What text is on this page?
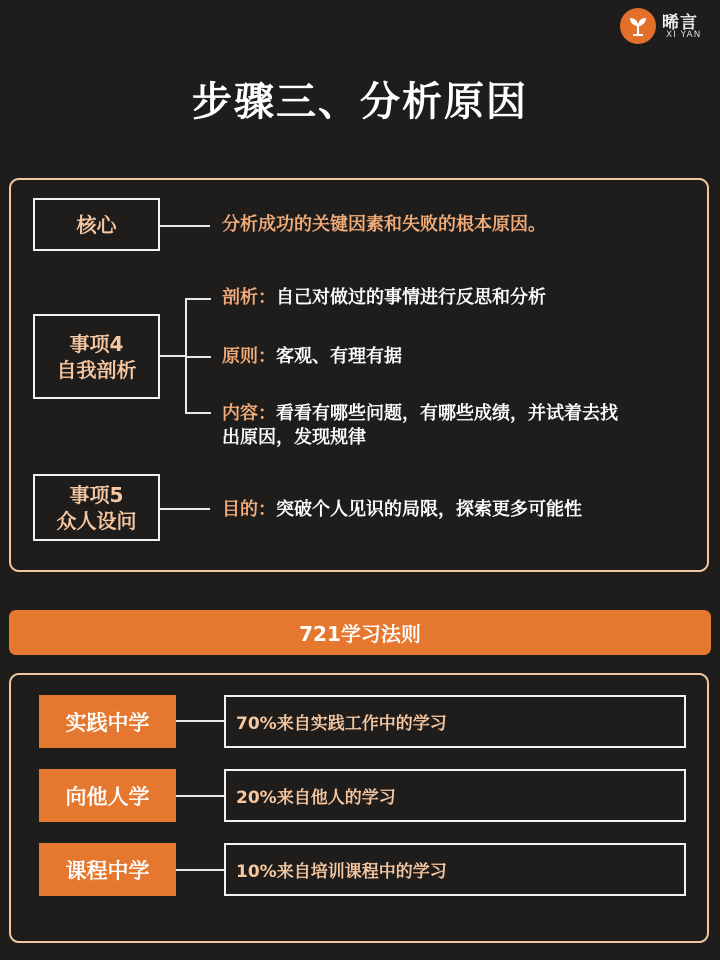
晞言
XI YAN
步骤三、分析原因
核心	分析成功的关键因素和失败的根本原因。
事项4
自我剖析
剖析：自己对做过的事情进行反思和分析
原则：客观、有理有据
内容：看看有哪些问题，有哪些成绩，并试着去找
出原因，发现规律
事项5
众人设问	目的：突破个人见识的局限，探索更多可能性
721学习法则
实践中学	70%来自实践工作中的学习
向他人学	20%来自他人的学习
课程中学	10%来自培训课程中的学习
